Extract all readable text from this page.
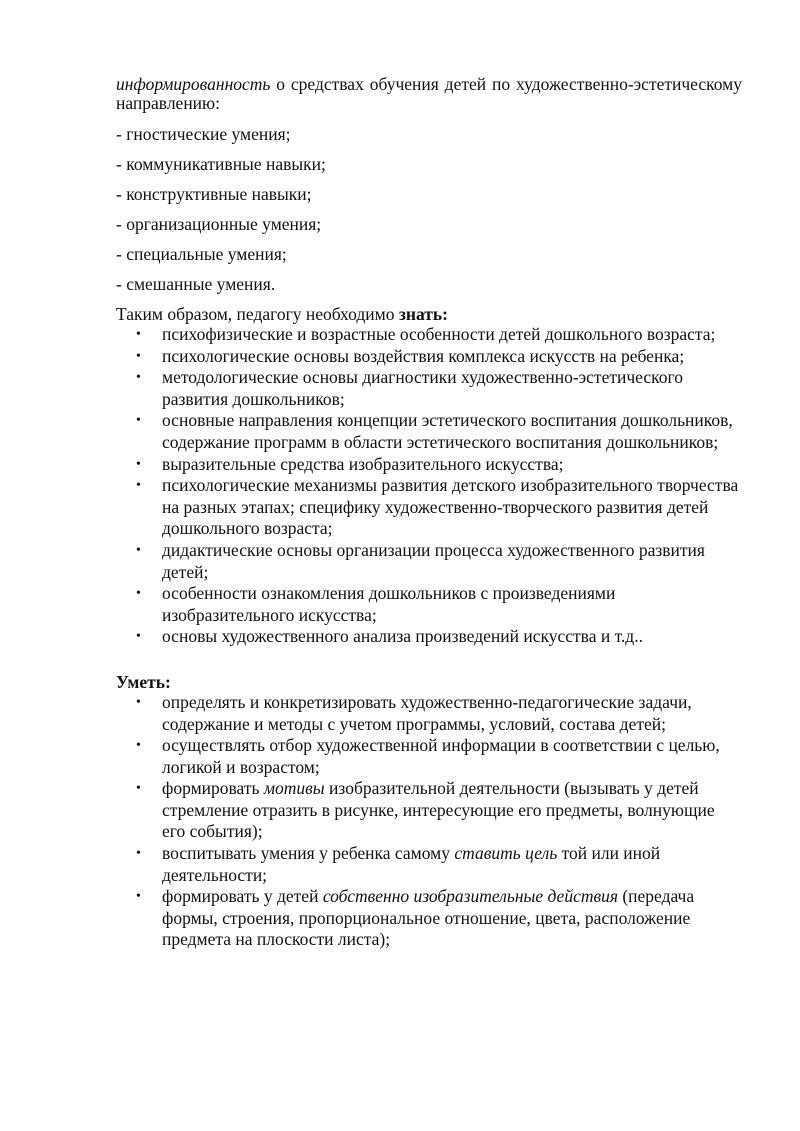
информированность о средствах обучения детей по художественно-эстетическому направлению:

- гностические умения;

- коммуникативные навыки;

- конструктивные навыки;

- организационные умения;

- специальные умения;

- смешанные умения.

Таким образом, педагогу необходимо знать:

• психофизические и возрастные особенности детей дошкольного возраста;
• психологические основы воздействия комплекса искусств на ребенка;
• методологические основы диагностики художественно-эстетического развития дошкольников;
• основные направления концепции эстетического воспитания дошкольников, содержание программ в области эстетического воспитания дошкольников;
• выразительные средства изобразительного искусства;
• психологические механизмы развития детского изобразительного творчества на разных этапах; специфику художественно-творческого развития детей дошкольного возраста;
• дидактические основы организации процесса художественного развития детей;
• особенности ознакомления дошкольников с произведениями изобразительного искусства;
• основы художественного анализа произведений искусства и т.д..

Уметь:

• определять и конкретизировать художественно-педагогические задачи, содержание и методы с учетом программы, условий, состава детей;
• осуществлять отбор художественной информации в соответствии с целью, логикой и возрастом;
• формировать мотивы изобразительной деятельности (вызывать у детей стремление отразить в рисунке, интересующие его предметы, волнующие его события);
• воспитывать умения у ребенка самому ставить цель той или иной деятельности;
• формировать у детей собственно изобразительные действия (передача формы, строения, пропорциональное отношение, цвета, расположение предмета на плоскости листа);
